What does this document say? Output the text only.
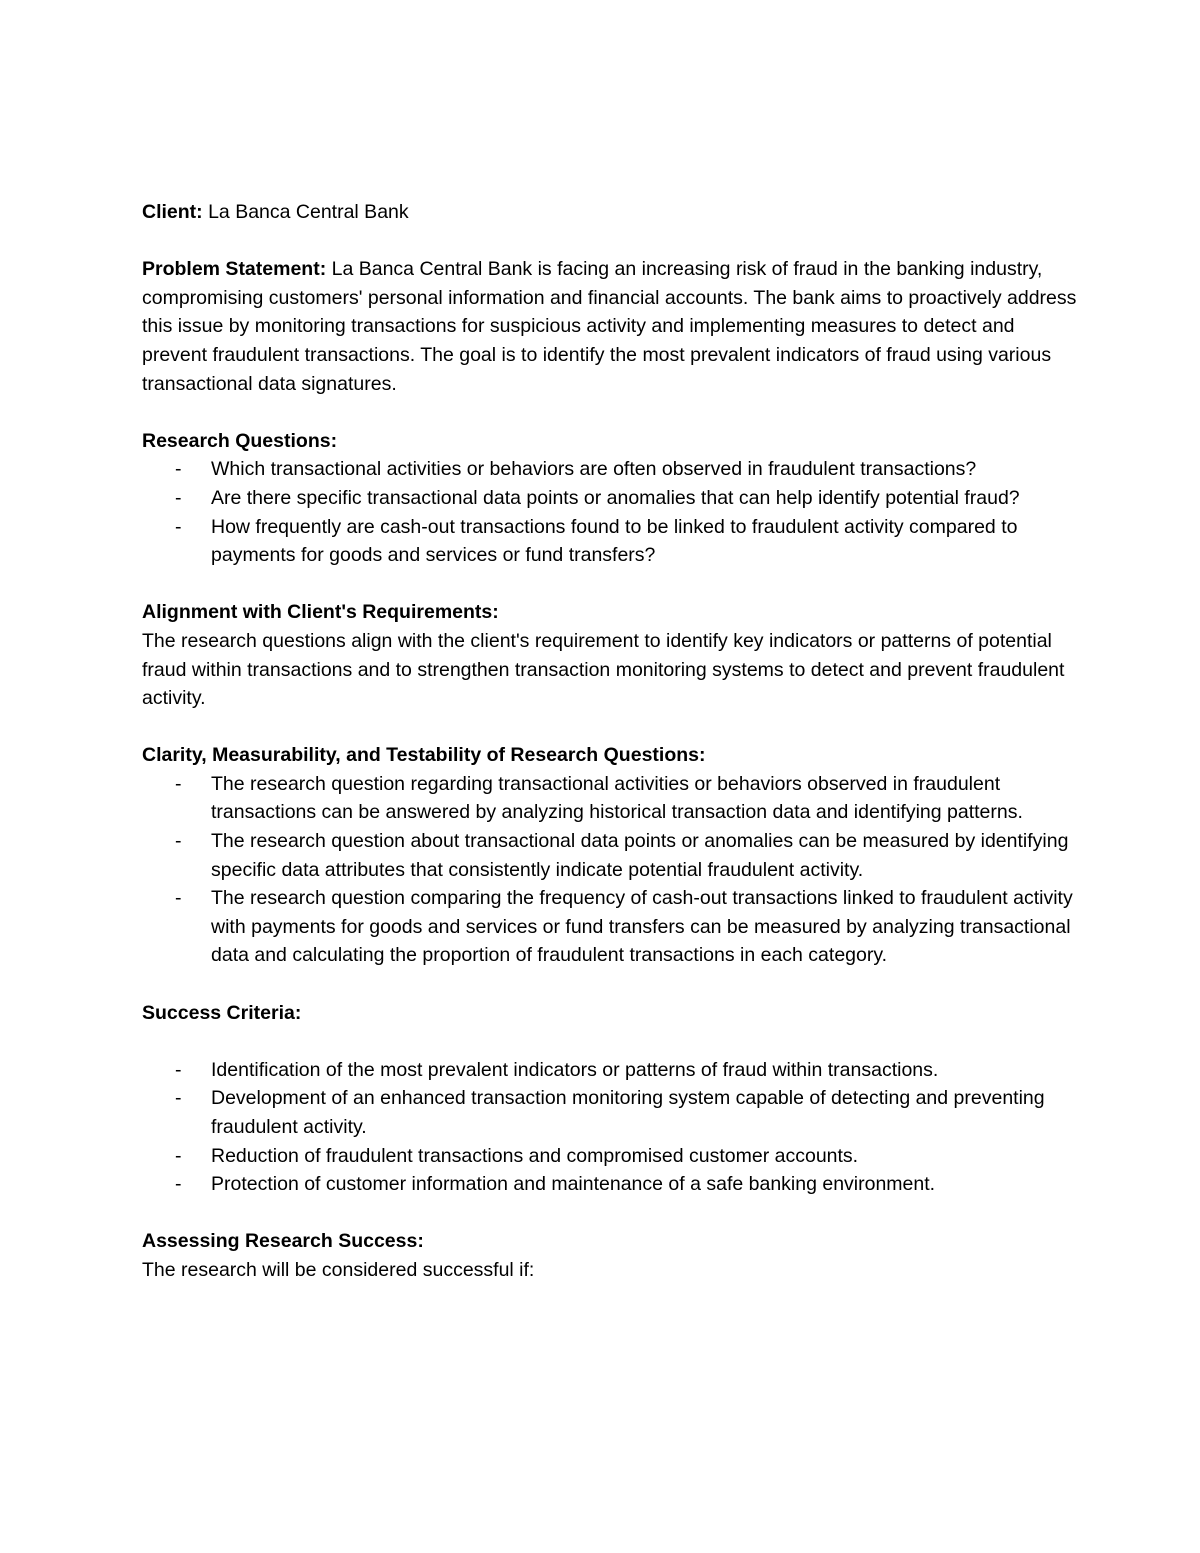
Client: La Banca Central Bank

Problem Statement: La Banca Central Bank is facing an increasing risk of fraud in the banking industry, compromising customers' personal information and financial accounts. The bank aims to proactively address this issue by monitoring transactions for suspicious activity and implementing measures to detect and prevent fraudulent transactions. The goal is to identify the most prevalent indicators of fraud using various transactional data signatures.

Research Questions:

- Which transactional activities or behaviors are often observed in fraudulent transactions?
- Are there specific transactional data points or anomalies that can help identify potential fraud?
- How frequently are cash-out transactions found to be linked to fraudulent activity compared to payments for goods and services or fund transfers?

Alignment with Client's Requirements:

The research questions align with the client's requirement to identify key indicators or patterns of potential fraud within transactions and to strengthen transaction monitoring systems to detect and prevent fraudulent activity.

Clarity, Measurability, and Testability of Research Questions:

- The research question regarding transactional activities or behaviors observed in fraudulent transactions can be answered by analyzing historical transaction data and identifying patterns.
- The research question about transactional data points or anomalies can be measured by identifying specific data attributes that consistently indicate potential fraudulent activity.
- The research question comparing the frequency of cash-out transactions linked to fraudulent activity with payments for goods and services or fund transfers can be measured by analyzing transactional data and calculating the proportion of fraudulent transactions in each category.

Success Criteria:

- Identification of the most prevalent indicators or patterns of fraud within transactions.
- Development of an enhanced transaction monitoring system capable of detecting and preventing fraudulent activity.
- Reduction of fraudulent transactions and compromised customer accounts.
- Protection of customer information and maintenance of a safe banking environment.

Assessing Research Success:

The research will be considered successful if:
